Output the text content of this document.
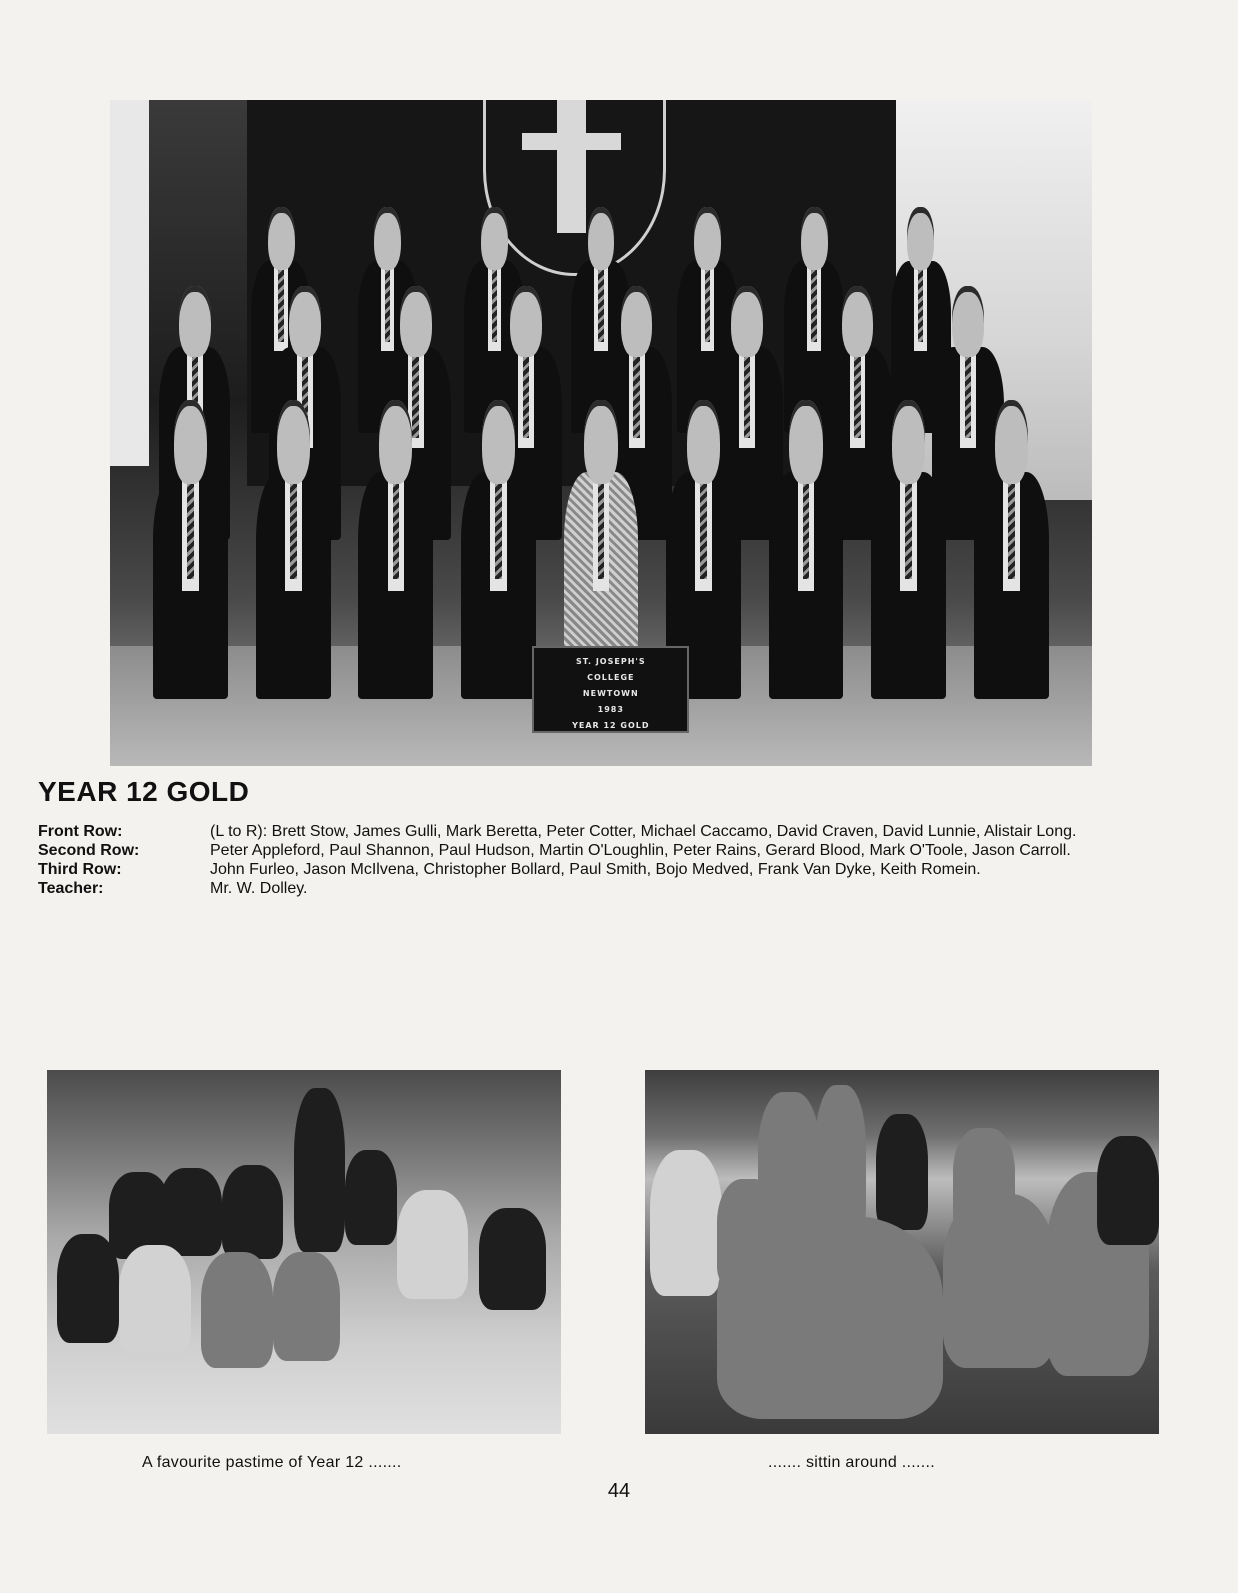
ST. JOSEPH'S
COLLEGE
NEWTOWN
1983
YEAR 12 GOLD
YEAR 12 GOLD
Front Row:	(L to R): Brett Stow, James Gulli, Mark Beretta, Peter Cotter, Michael Caccamo, David Craven, David Lunnie, Alistair Long.
Second Row:	Peter Appleford, Paul Shannon, Paul Hudson, Martin O'Loughlin, Peter Rains, Gerard Blood, Mark O'Toole, Jason Carroll.
Third Row:	John Furleo, Jason McIlvena, Christopher Bollard, Paul Smith, Bojo Medved, Frank Van Dyke, Keith Romein.
Teacher:	Mr. W. Dolley.
A favourite pastime of Year 12 .......	....... sittin around .......

44
